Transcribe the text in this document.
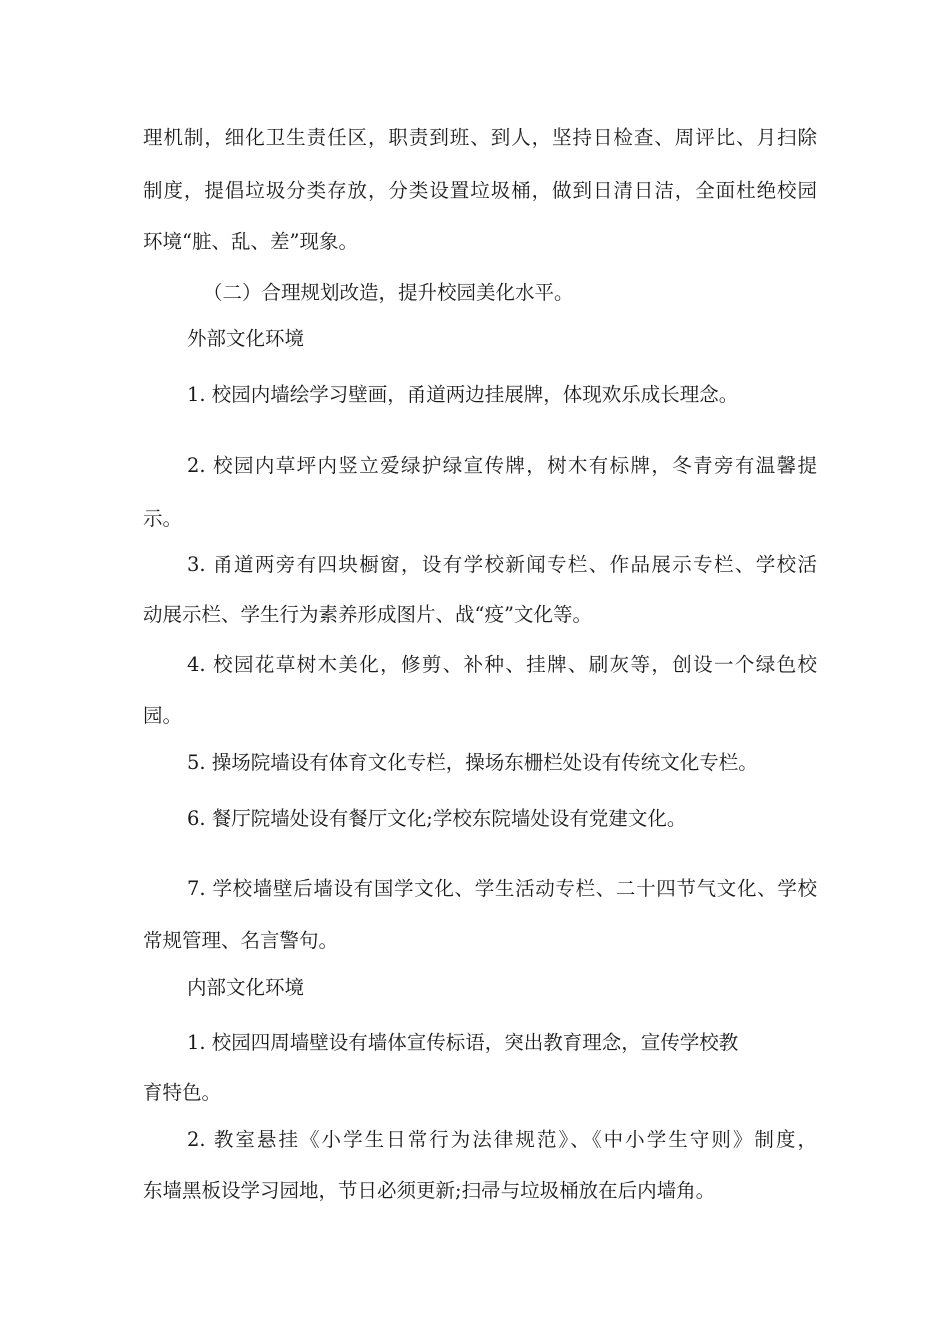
理机制，细化卫生责任区，职责到班、到人，坚持日检查、周评比、月扫除

制度，提倡垃圾分类存放，分类设置垃圾桶，做到日清日洁，全面杜绝校园

环境“脏、乱、差”现象。

（二）合理规划改造，提升校园美化水平。

外部文化环境

1. 校园内墙绘学习壁画，甬道两边挂展牌，体现欢乐成长理念。

2. 校园内草坪内竖立爱绿护绿宣传牌，树木有标牌，冬青旁有温馨提

示。

3. 甬道两旁有四块橱窗，设有学校新闻专栏、作品展示专栏、学校活

动展示栏、学生行为素养形成图片、战“疫”文化等。

4. 校园花草树木美化，修剪、补种、挂牌、刷灰等，创设一个绿色校

园。

5. 操场院墙设有体育文化专栏，操场东栅栏处设有传统文化专栏。

6. 餐厅院墙处设有餐厅文化;学校东院墙处设有党建文化。

7. 学校墙壁后墙设有国学文化、学生活动专栏、二十四节气文化、学校

常规管理、名言警句。

内部文化环境

1. 校园四周墙壁设有墙体宣传标语，突出教育理念，宣传学校教

育特色。

2. 教室悬挂《小学生日常行为法律规范》、《中小学生守则》制度，

东墙黑板设学习园地，节日必须更新;扫帚与垃圾桶放在后内墙角。
